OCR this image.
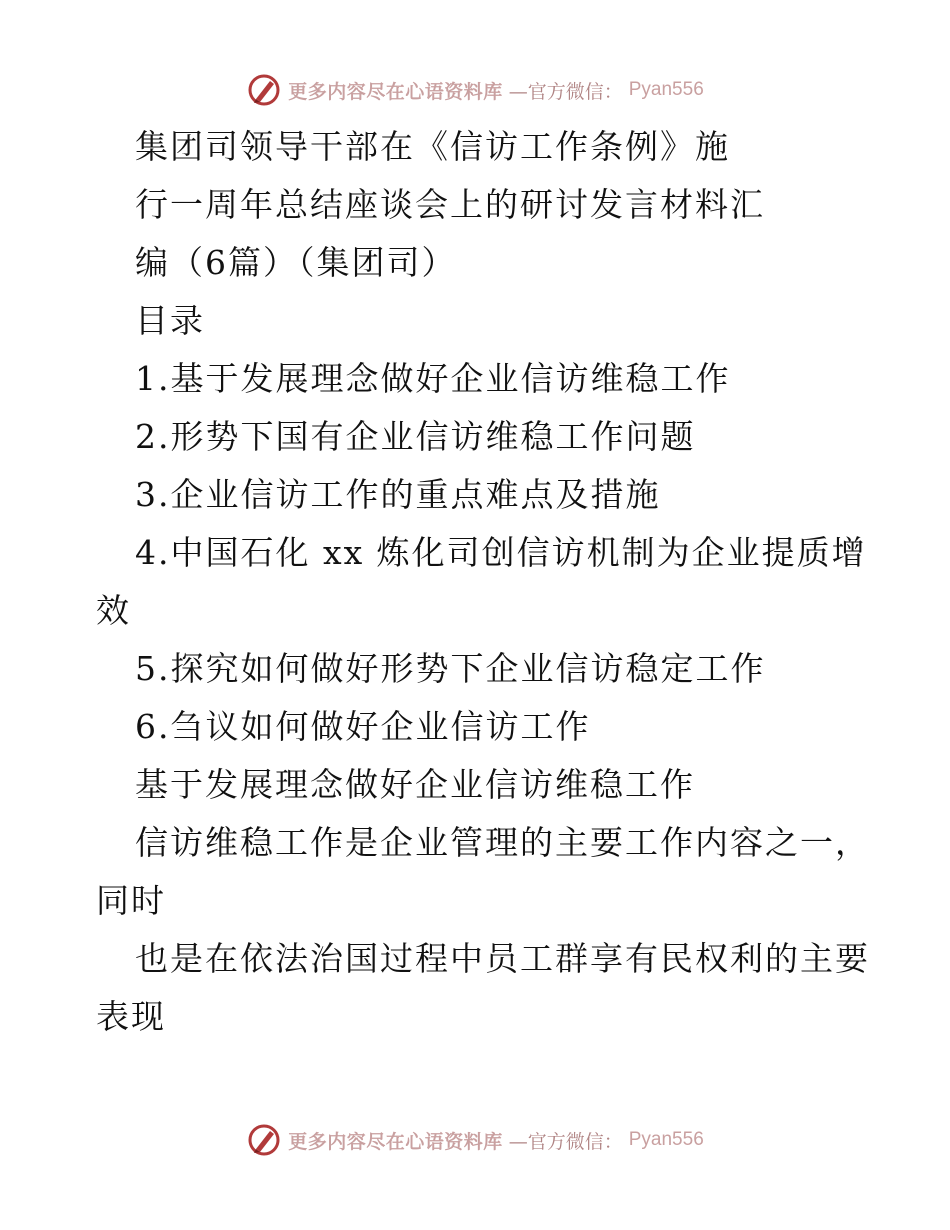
更多内容尽在心语资料库 —官方微信： Pyan556
集团司领导干部在《信访工作条例》施
行一周年总结座谈会上的研讨发言材料汇
编（6篇）（集团司）
目录
1.基于发展理念做好企业信访维稳工作
2.形势下国有企业信访维稳工作问题
3.企业信访工作的重点难点及措施
4.中国石化 xx 炼化司创信访机制为企业提质增
效
5.探究如何做好形势下企业信访稳定工作
6.刍议如何做好企业信访工作
基于发展理念做好企业信访维稳工作
信访维稳工作是企业管理的主要工作内容之一，
同时
也是在依法治国过程中员工群享有民权利的主要
表现
更多内容尽在心语资料库 —官方微信： Pyan556
